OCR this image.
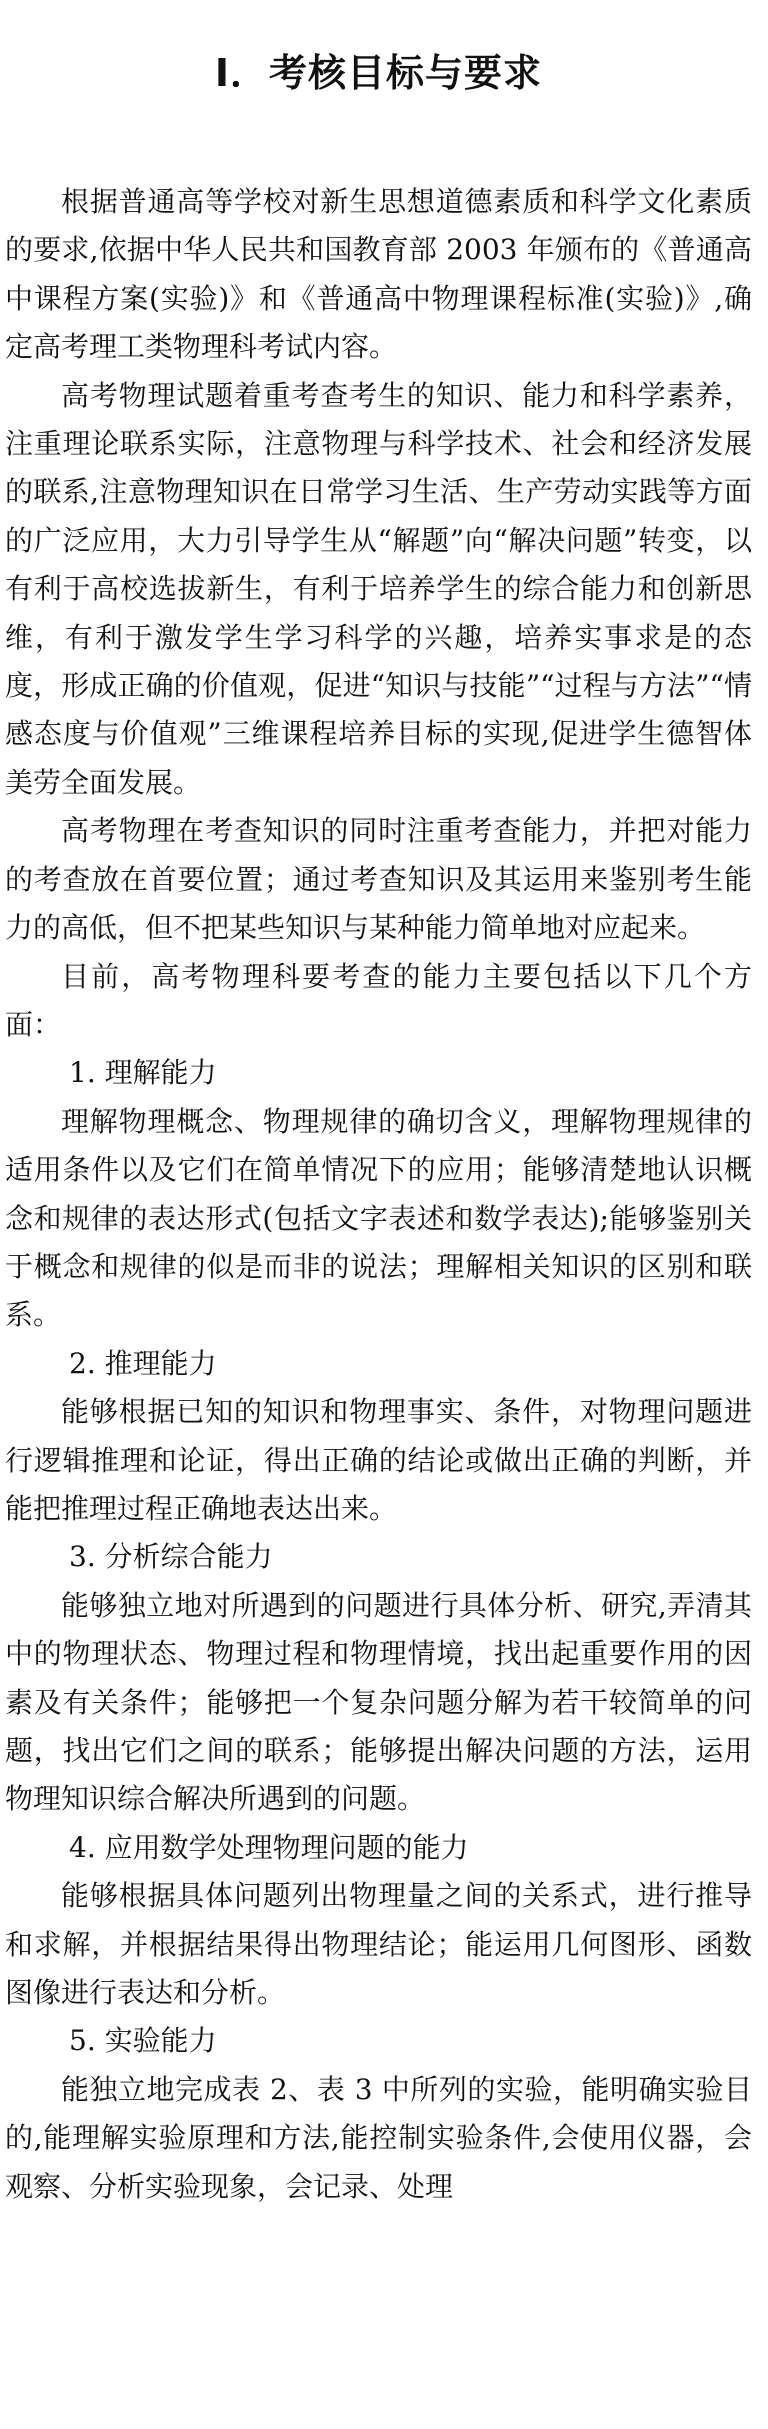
Ⅰ．考核目标与要求

根据普通高等学校对新生思想道德素质和科学文化素质的要求,依据中华人民共和国教育部 2003 年颁布的《普通高中课程方案(实验)》和《普通高中物理课程标准(实验)》,确定高考理工类物理科考试内容。

高考物理试题着重考查考生的知识、能力和科学素养，注重理论联系实际，注意物理与科学技术、社会和经济发展的联系,注意物理知识在日常学习生活、生产劳动实践等方面的广泛应用，大力引导学生从“解题”向“解决问题”转变，以有利于高校选拔新生，有利于培养学生的综合能力和创新思维，有利于激发学生学习科学的兴趣，培养实事求是的态度，形成正确的价值观，促进“知识与技能”“过程与方法”“情感态度与价值观”三维课程培养目标的实现,促进学生德智体美劳全面发展。

高考物理在考查知识的同时注重考查能力，并把对能力的考查放在首要位置；通过考查知识及其运用来鉴别考生能力的高低，但不把某些知识与某种能力简单地对应起来。

目前，高考物理科要考查的能力主要包括以下几个方面：

1. 理解能力

理解物理概念、物理规律的确切含义，理解物理规律的适用条件以及它们在简单情况下的应用；能够清楚地认识概念和规律的表达形式(包括文字表述和数学表达);能够鉴别关于概念和规律的似是而非的说法；理解相关知识的区别和联系。

2. 推理能力

能够根据已知的知识和物理事实、条件，对物理问题进行逻辑推理和论证，得出正确的结论或做出正确的判断，并能把推理过程正确地表达出来。

3. 分析综合能力

能够独立地对所遇到的问题进行具体分析、研究,弄清其中的物理状态、物理过程和物理情境，找出起重要作用的因素及有关条件；能够把一个复杂问题分解为若干较简单的问题，找出它们之间的联系；能够提出解决问题的方法，运用物理知识综合解决所遇到的问题。

4. 应用数学处理物理问题的能力

能够根据具体问题列出物理量之间的关系式，进行推导和求解，并根据结果得出物理结论；能运用几何图形、函数图像进行表达和分析。

5. 实验能力

能独立地完成表 2、表 3 中所列的实验，能明确实验目的,能理解实验原理和方法,能控制实验条件,会使用仪器，会观察、分析实验现象，会记录、处理
